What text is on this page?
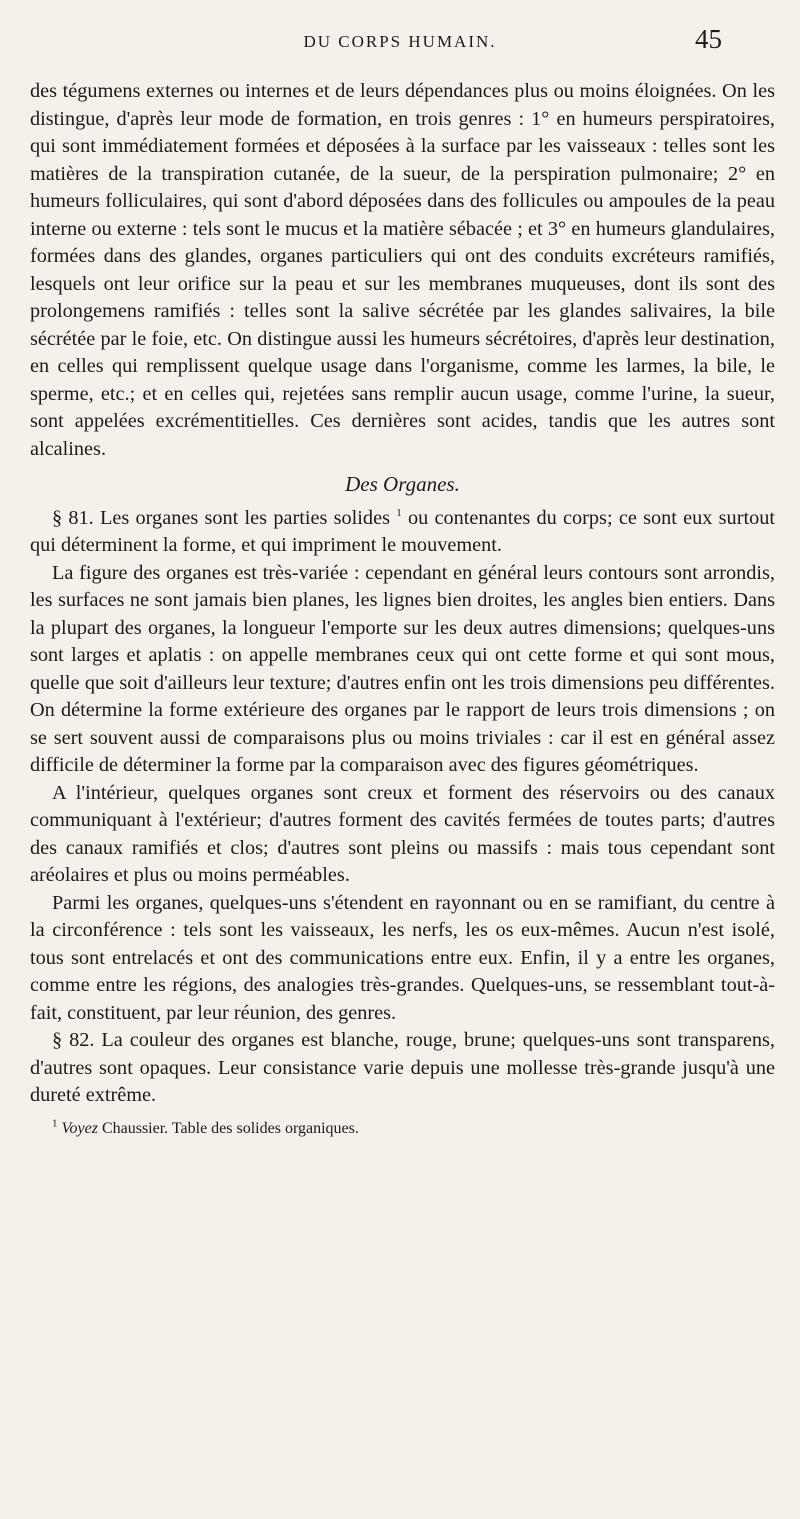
DU CORPS HUMAIN.	45

des tégumens externes ou internes et de leurs dépendances plus ou moins éloignées. On les distingue, d'après leur mode de formation, en trois genres : 1° en humeurs perspiratoires, qui sont immédiatement formées et déposées à la surface par les vaisseaux : telles sont les matières de la transpiration cutanée, de la sueur, de la perspiration pulmonaire; 2° en humeurs folliculaires, qui sont d'abord déposées dans des follicules ou ampoules de la peau interne ou externe : tels sont le mucus et la matière sébacée ; et 3° en humeurs glandulaires, formées dans des glandes, organes particuliers qui ont des conduits excréteurs ramifiés, lesquels ont leur orifice sur la peau et sur les membranes muqueuses, dont ils sont des prolongemens ramifiés : telles sont la salive sécrétée par les glandes salivaires, la bile sécrétée par le foie, etc. On distingue aussi les humeurs sécrétoires, d'après leur destination, en celles qui remplissent quelque usage dans l'organisme, comme les larmes, la bile, le sperme, etc.; et en celles qui, rejetées sans remplir aucun usage, comme l'urine, la sueur, sont appelées excrémentitielles. Ces dernières sont acides, tandis que les autres sont alcalines.

Des Organes.

§ 81. Les organes sont les parties solides $^1$ ou contenantes du corps; ce sont eux surtout qui déterminent la forme, et qui impriment le mouvement.

La figure des organes est très-variée : cependant en général leurs contours sont arrondis, les surfaces ne sont jamais bien planes, les lignes bien droites, les angles bien entiers. Dans la plupart des organes, la longueur l'emporte sur les deux autres dimensions; quelques-uns sont larges et aplatis : on appelle membranes ceux qui ont cette forme et qui sont mous, quelle que soit d'ailleurs leur texture; d'autres enfin ont les trois dimensions peu différentes. On détermine la forme extérieure des organes par le rapport de leurs trois dimensions ; on se sert souvent aussi de comparaisons plus ou moins triviales : car il est en général assez difficile de déterminer la forme par la comparaison avec des figures géométriques.

A l'intérieur, quelques organes sont creux et forment des réservoirs ou des canaux communiquant à l'extérieur; d'autres forment des cavités fermées de toutes parts; d'autres des canaux ramifiés et clos; d'autres sont pleins ou massifs : mais tous cependant sont aréolaires et plus ou moins perméables.

Parmi les organes, quelques-uns s'étendent en rayonnant ou en se ramifiant, du centre à la circonférence : tels sont les vaisseaux, les nerfs, les os eux-mêmes. Aucun n'est isolé, tous sont entrelacés et ont des communications entre eux. Enfin, il y a entre les organes, comme entre les régions, des analogies très-grandes. Quelques-uns, se ressemblant tout-à-fait, constituent, par leur réunion, des genres.

§ 82. La couleur des organes est blanche, rouge, brune; quelques-uns sont transparens, d'autres sont opaques. Leur consistance varie depuis une mollesse très-grande jusqu'à une dureté extrême.

$^1$ Voyez Chaussier. Table des solides organiques.
